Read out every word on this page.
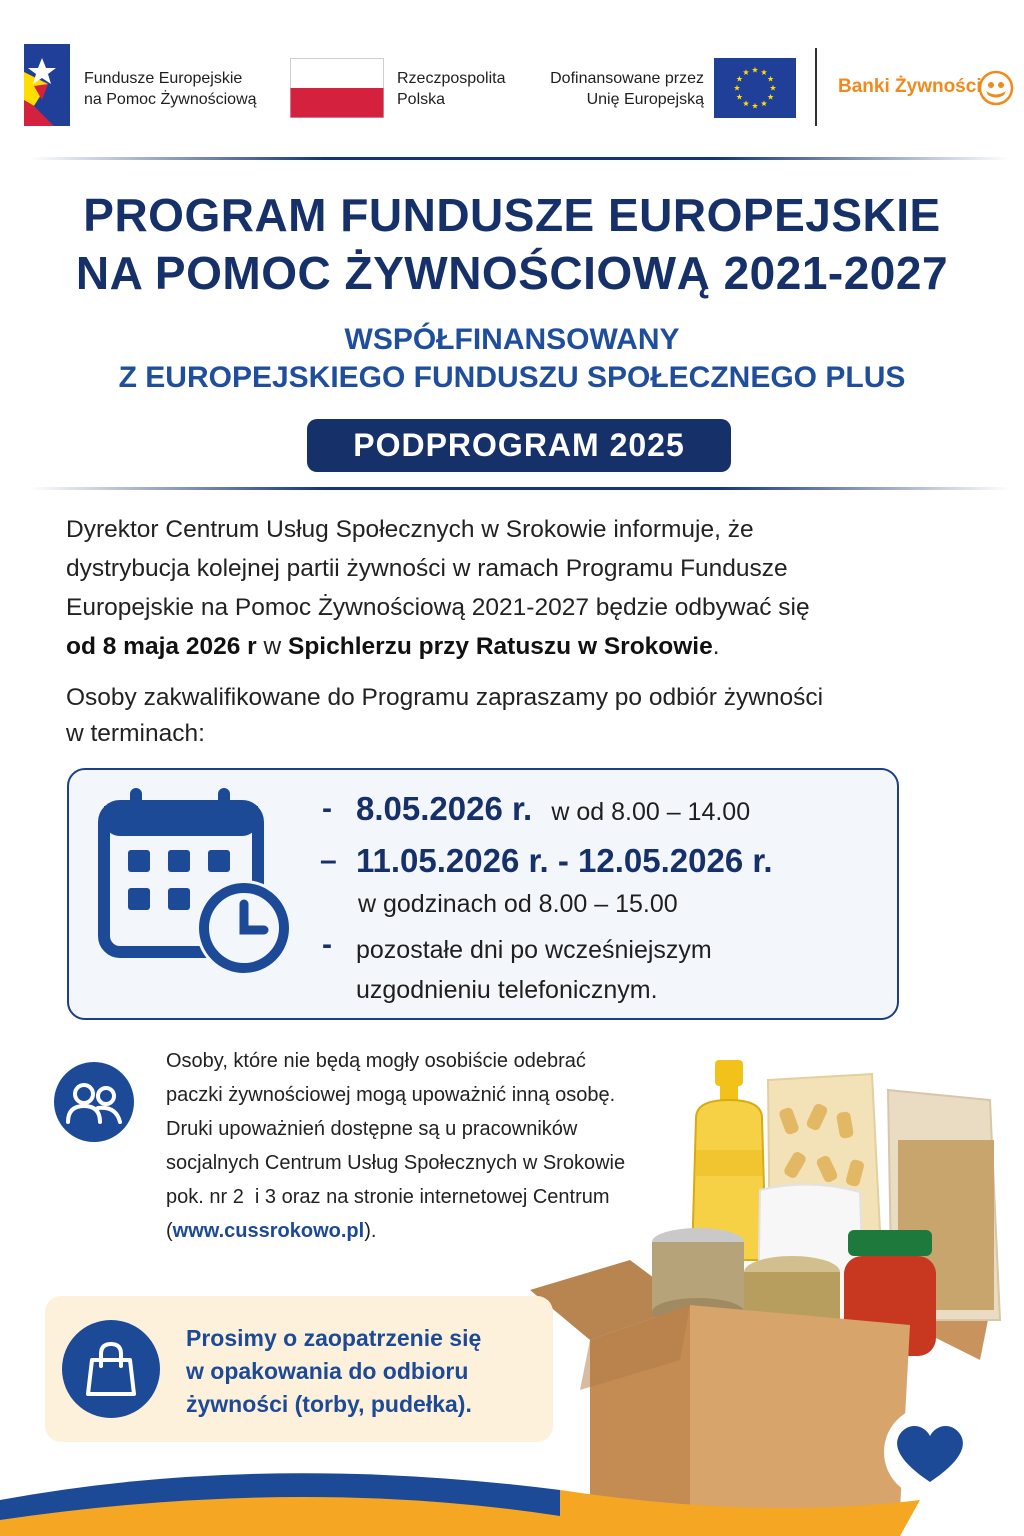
Fundusze Europejskie
na Pomoc Żywnościową
Rzeczpospolita
Polska
Dofinansowane przez
Unię Europejską
Banki Żywności
PROGRAM FUNDUSZE EUROPEJSKIE
NA POMOC ŻYWNOŚCIOWĄ 2021-2027
WSPÓŁFINANSOWANY
Z EUROPEJSKIEGO FUNDUSZU SPOŁECZNEGO PLUS
PODPROGRAM 2025
Dyrektor Centrum Usług Społecznych w Srokowie informuje, że
dystrybucja kolejnej partii żywności w ramach Programu Fundusze
Europejskie na Pomoc Żywnościową 2021-2027 będzie odbywać się
od 8 maja 2026 r w Spichlerzu przy Ratuszu w Srokowie.
Osoby zakwalifikowane do Programu zapraszamy po odbiór żywności
w terminach:
- 8.05.2026 r. w od 8.00 – 14.00
– 11.05.2026 r. - 12.05.2026 r.
w godzinach od 8.00 – 15.00
- pozostałe dni po wcześniejszym
uzgodnieniu telefonicznym.
Osoby, które nie będą mogły osobiście odebrać
paczki żywnościowej mogą upoważnić inną osobę.
Druki upoważnień dostępne są u pracowników
socjalnych Centrum Usług Społecznych w Srokowie
pok. nr 2  i 3 oraz na stronie internetowej Centrum
(www.cussrokowo.pl).
Prosimy o zaopatrzenie się
w opakowania do odbioru
żywności (torby, pudełka).
